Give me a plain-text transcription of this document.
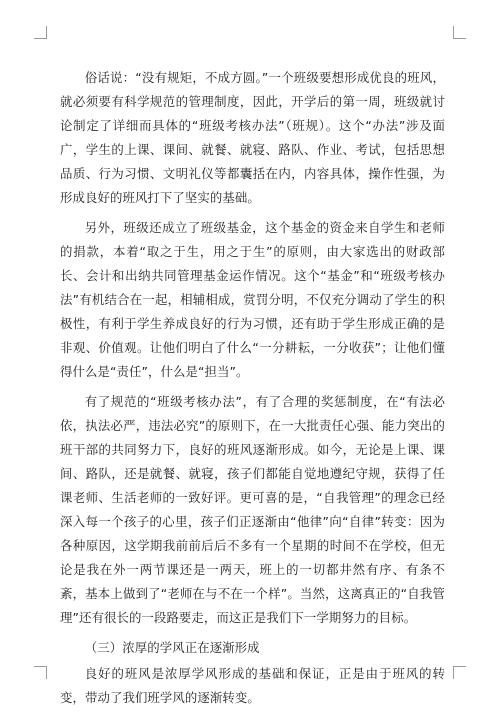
俗话说：“没有规矩，不成方圆。”一个班级要想形成优良的班风，就必须要有科学规范的管理制度，因此，开学后的第一周，班级就讨论制定了详细而具体的“班级考核办法”（班规）。这个“办法”涉及面广，学生的上课、课间、就餐、就寝、路队、作业、考试，包括思想品质、行为习惯、文明礼仪等都囊括在内，内容具体，操作性强，为形成良好的班风打下了坚实的基础。

另外，班级还成立了班级基金，这个基金的资金来自学生和老师的捐款，本着“取之于生，用之于生”的原则，由大家选出的财政部长、会计和出纳共同管理基金运作情况。这个“基金”和“班级考核办法”有机结合在一起，相辅相成，赏罚分明，不仅充分调动了学生的积极性，有利于学生养成良好的行为习惯，还有助于学生形成正确的是非观、价值观。让他们明白了什么“一分耕耘，一分收获”；让他们懂得什么是“责任”，什么是“担当”。

有了规范的“班级考核办法”，有了合理的奖惩制度，在“有法必依，执法必严，违法必究”的原则下，在一大批责任心强、能力突出的班干部的共同努力下，良好的班风逐渐形成。如今，无论是上课、课间、路队，还是就餐、就寝，孩子们都能自觉地遵纪守规，获得了任课老师、生活老师的一致好评。更可喜的是，“自我管理”的理念已经深入每一个孩子的心里，孩子们正逐渐由“他律”向“自律”转变：因为各种原因，这学期我前前后后不多有一个星期的时间不在学校，但无论是我在外一两节课还是一两天，班上的一切都井然有序、有条不紊，基本上做到了“老师在与不在一个样”。当然，这离真正的“自我管理”还有很长的一段路要走，而这正是我们下一学期努力的目标。

（三）浓厚的学风正在逐渐形成

良好的班风是浓厚学风形成的基础和保证，正是由于班风的转变，带动了我们班学风的逐渐转变。
